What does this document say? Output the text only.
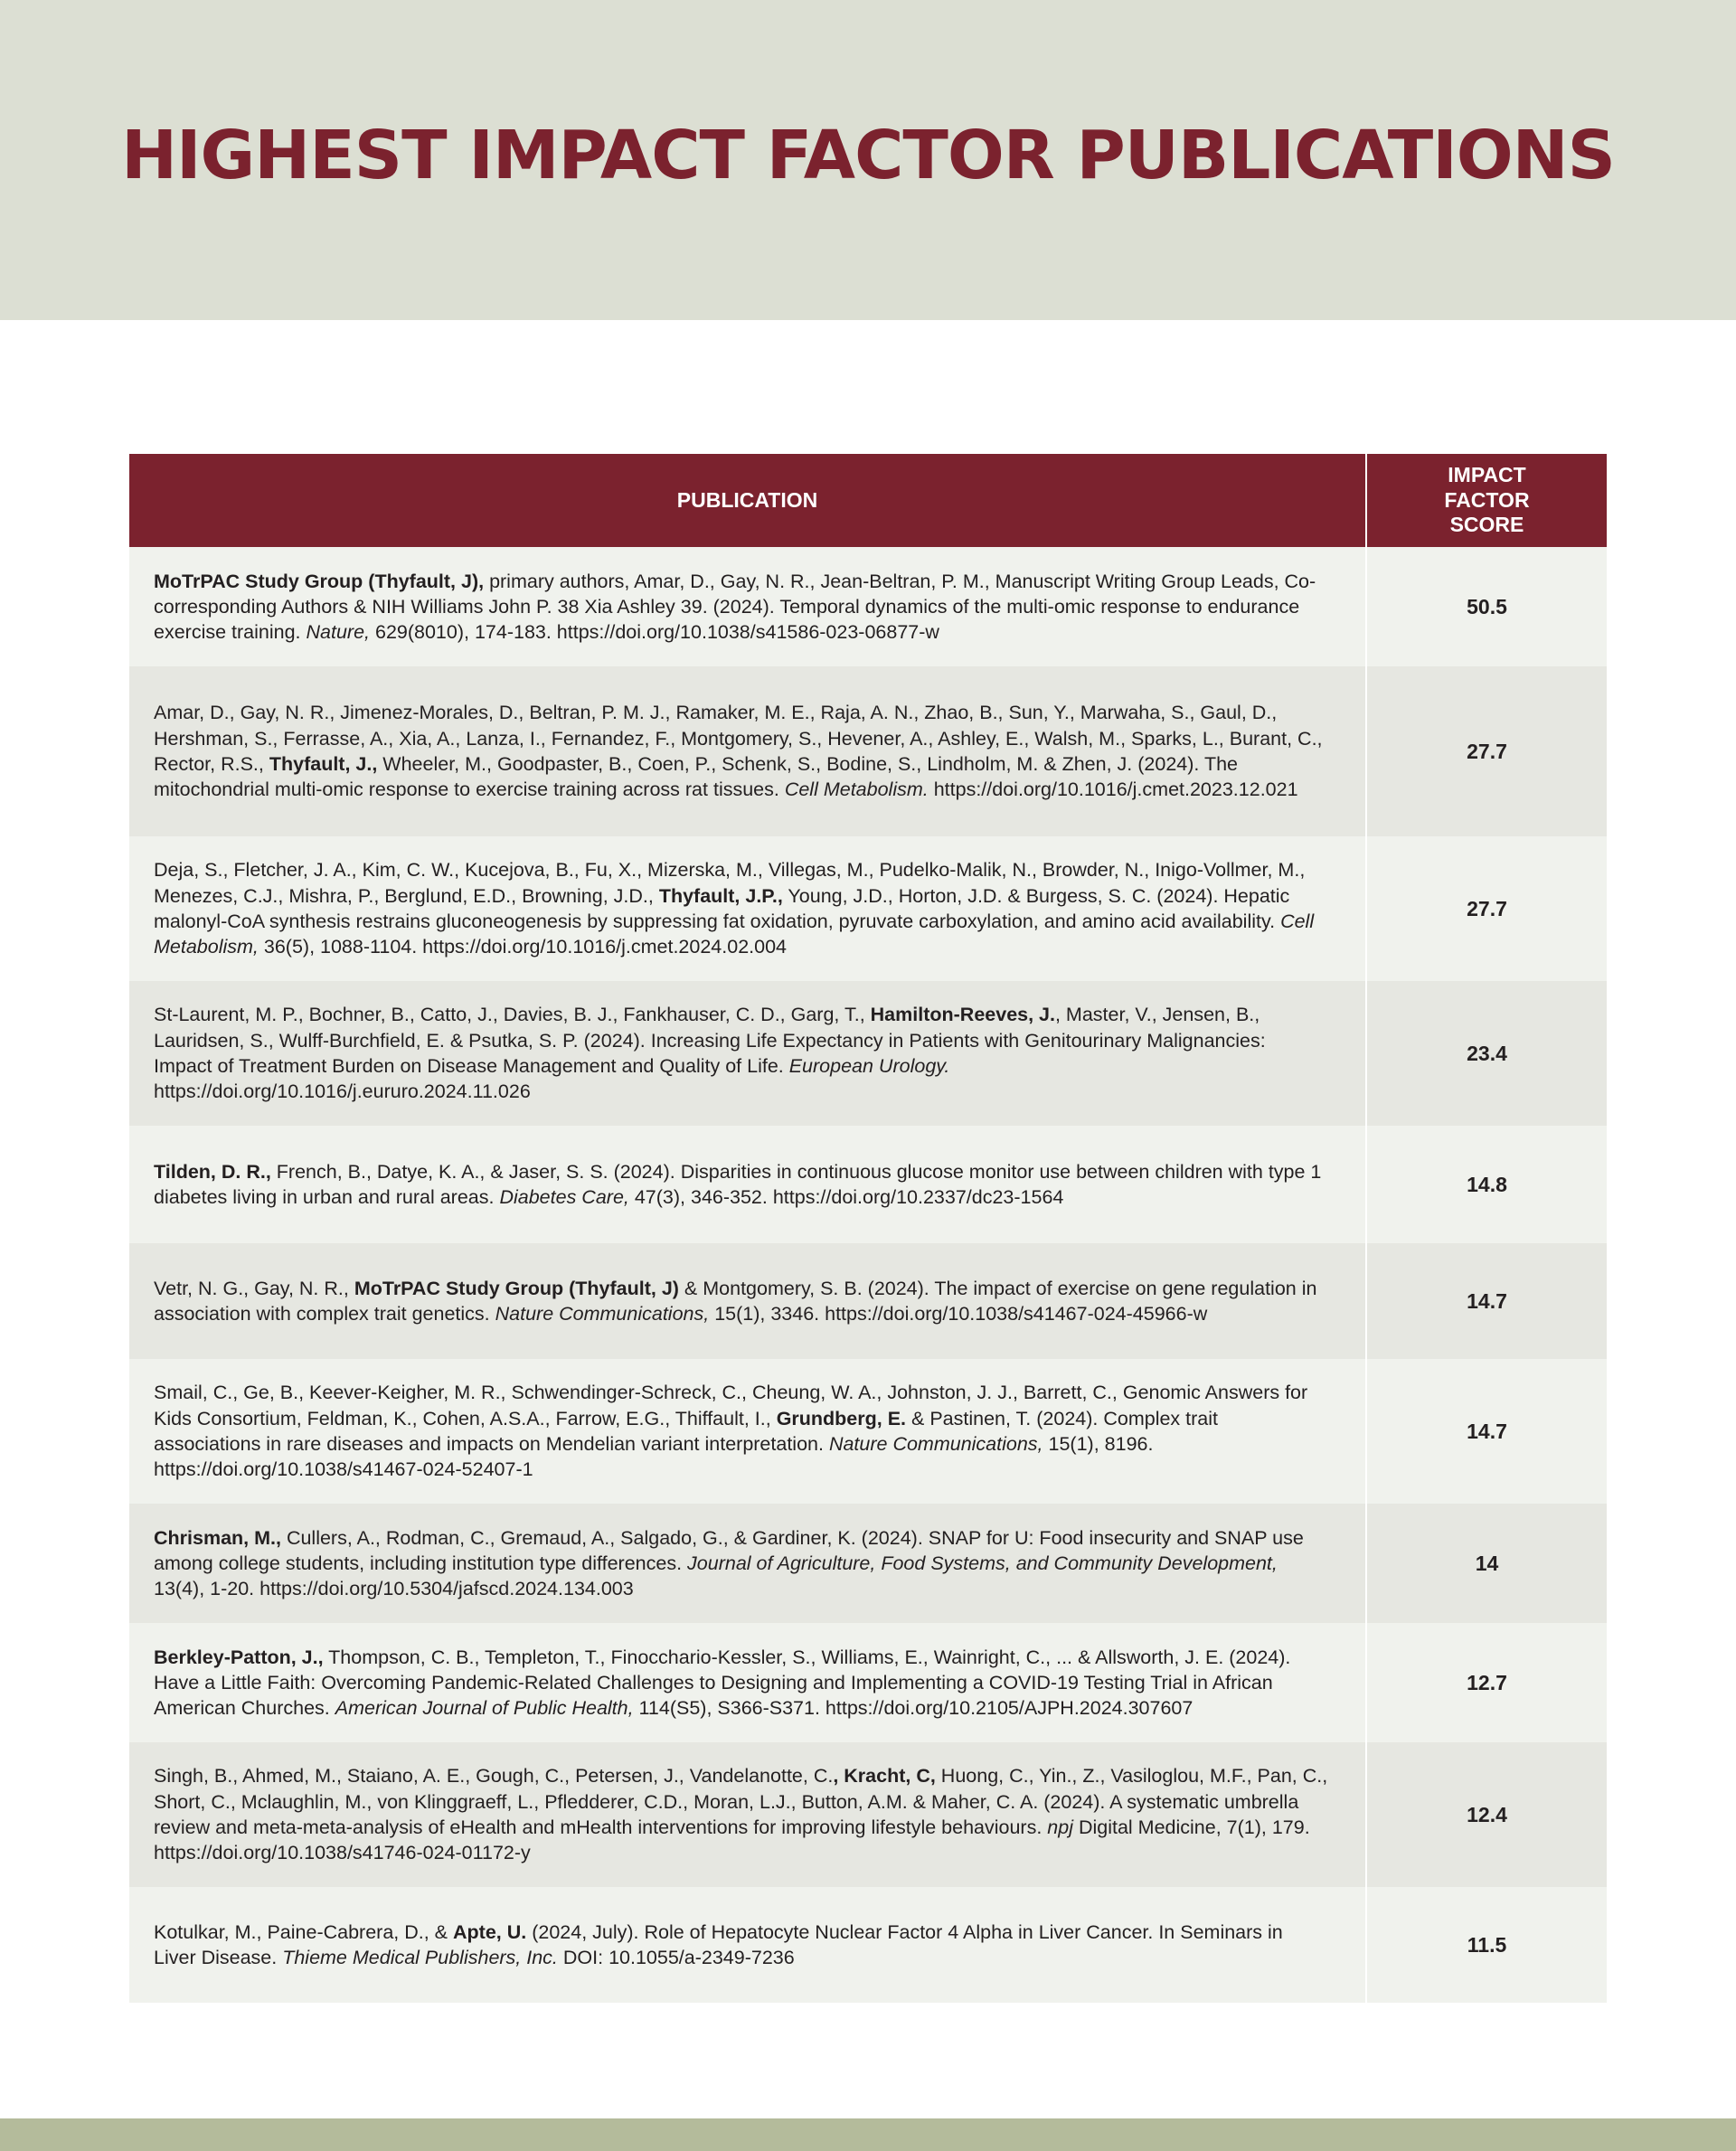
HIGHEST IMPACT FACTOR PUBLICATIONS
PUBLICATION	IMPACT FACTOR
SCORE
MoTrPAC Study Group (Thyfault, J), primary authors, Amar, D., Gay, N. R., Jean-Beltran, P. M., Manuscript Writing Group Leads, Co-corresponding Authors & NIH Williams John P. 38 Xia Ashley 39. (2024). Temporal dynamics of the multi-omic response to endurance exercise training. Nature, 629(8010), 174-183. https://doi.org/10.1038/s41586-023-06877-w	50.5
Amar, D., Gay, N. R., Jimenez-Morales, D., Beltran, P. M. J., Ramaker, M. E., Raja, A. N., Zhao, B., Sun, Y., Marwaha, S., Gaul, D., Hershman, S., Ferrasse, A., Xia, A., Lanza, I., Fernandez, F., Montgomery, S., Hevener, A., Ashley, E., Walsh, M., Sparks, L., Burant, C., Rector, R.S., Thyfault, J., Wheeler, M., Goodpaster, B., Coen, P., Schenk, S., Bodine, S., Lindholm, M. & Zhen, J. (2024). The mitochondrial multi-omic response to exercise training across rat tissues. Cell Metabolism. https://doi.org/10.1016/j.cmet.2023.12.021	27.7
Deja, S., Fletcher, J. A., Kim, C. W., Kucejova, B., Fu, X., Mizerska, M., Villegas, M., Pudelko-Malik, N., Browder, N., Inigo-Vollmer, M., Menezes, C.J., Mishra, P., Berglund, E.D., Browning, J.D., Thyfault, J.P., Young, J.D., Horton, J.D. & Burgess, S. C. (2024). Hepatic malonyl-CoA synthesis restrains gluconeogenesis by suppressing fat oxidation, pyruvate carboxylation, and amino acid availability. Cell Metabolism, 36(5), 1088-1104. https://doi.org/10.1016/j.cmet.2024.02.004	27.7
St-Laurent, M. P., Bochner, B., Catto, J., Davies, B. J., Fankhauser, C. D., Garg, T., Hamilton-Reeves, J., Master, V., Jensen, B., Lauridsen, S., Wulff-Burchfield, E. & Psutka, S. P. (2024). Increasing Life Expectancy in Patients with Genitourinary Malignancies: Impact of Treatment Burden on Disease Management and Quality of Life. European Urology. https://doi.org/10.1016/j.eururo.2024.11.026	23.4
Tilden, D. R., French, B., Datye, K. A., & Jaser, S. S. (2024). Disparities in continuous glucose monitor use between children with type 1 diabetes living in urban and rural areas. Diabetes Care, 47(3), 346-352. https://doi.org/10.2337/dc23-1564	14.8
Vetr, N. G., Gay, N. R., MoTrPAC Study Group (Thyfault, J) & Montgomery, S. B. (2024). The impact of exercise on gene regulation in association with complex trait genetics. Nature Communications, 15(1), 3346. https://doi.org/10.1038/s41467-024-45966-w	14.7
Smail, C., Ge, B., Keever-Keigher, M. R., Schwendinger-Schreck, C., Cheung, W. A., Johnston, J. J., Barrett, C., Genomic Answers for Kids Consortium, Feldman, K., Cohen, A.S.A., Farrow, E.G., Thiffault, I., Grundberg, E. & Pastinen, T. (2024). Complex trait associations in rare diseases and impacts on Mendelian variant interpretation. Nature Communications, 15(1), 8196. https://doi.org/10.1038/s41467-024-52407-1	14.7
Chrisman, M., Cullers, A., Rodman, C., Gremaud, A., Salgado, G., & Gardiner, K. (2024). SNAP for U: Food insecurity and SNAP use among college students, including institution type differences. Journal of Agriculture, Food Systems, and Community Development, 13(4), 1-20. https://doi.org/10.5304/jafscd.2024.134.003	14
Berkley-Patton, J., Thompson, C. B., Templeton, T., Finocchario-Kessler, S., Williams, E., Wainright, C., ... & Allsworth, J. E. (2024). Have a Little Faith: Overcoming Pandemic-Related Challenges to Designing and Implementing a COVID-19 Testing Trial in African American Churches. American Journal of Public Health, 114(S5), S366-S371. https://doi.org/10.2105/AJPH.2024.307607	12.7
Singh, B., Ahmed, M., Staiano, A. E., Gough, C., Petersen, J., Vandelanotte, C., Kracht, C, Huong, C., Yin., Z., Vasiloglou, M.F., Pan, C., Short, C., Mclaughlin, M., von Klinggraeff, L., Pfledderer, C.D., Moran, L.J., Button, A.M. & Maher, C. A. (2024). A systematic umbrella review and meta-meta-analysis of eHealth and mHealth interventions for improving lifestyle behaviours. npj Digital Medicine, 7(1), 179. https://doi.org/10.1038/s41746-024-01172-y	12.4
Kotulkar, M., Paine-Cabrera, D., & Apte, U. (2024, July). Role of Hepatocyte Nuclear Factor 4 Alpha in Liver Cancer. In Seminars in Liver Disease. Thieme Medical Publishers, Inc. DOI: 10.1055/a-2349-7236	11.5
